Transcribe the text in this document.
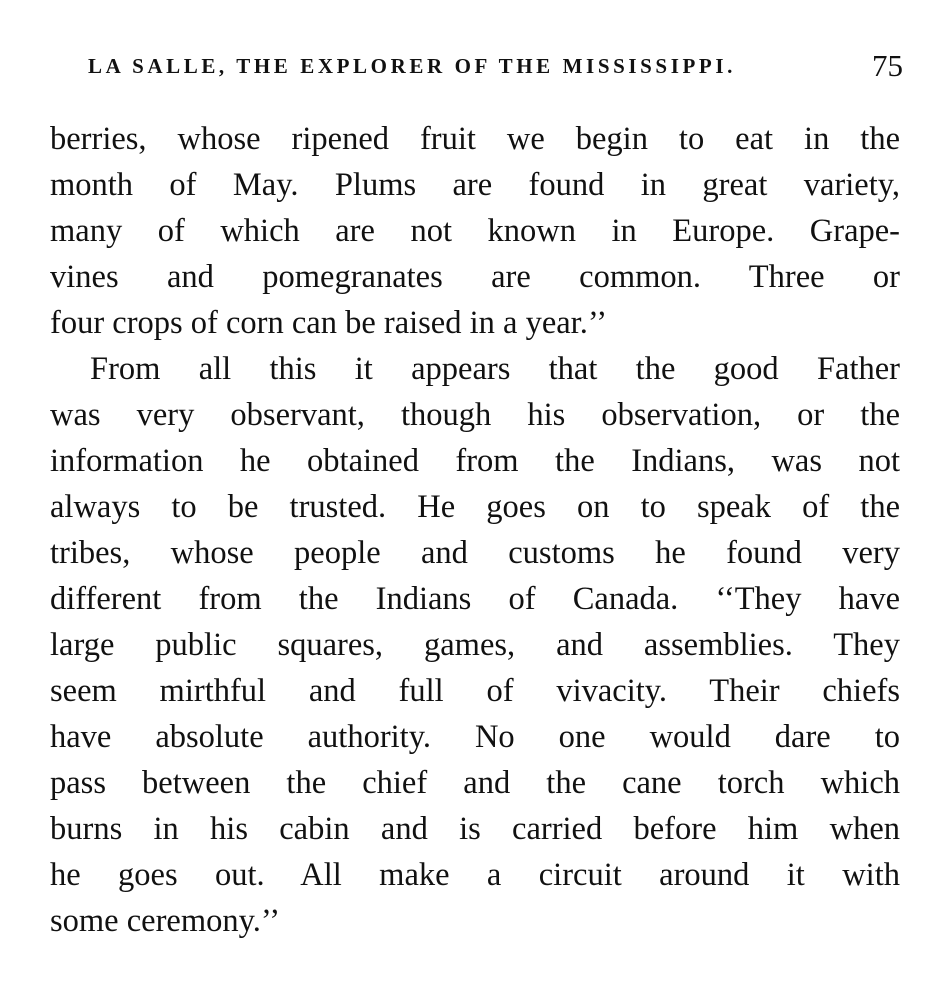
LA SALLE, THE EXPLORER OF THE MISSISSIPPI.	75
berries, whose ripened fruit we begin to eat in the
month of May. Plums are found in great variety,
many of which are not known in Europe. Grape-
vines and pomegranates are common. Three or
four crops of corn can be raised in a year.’’
From all this it appears that the good Father
was very observant, though his observation, or the
information he obtained from the Indians, was not
always to be trusted. He goes on to speak of the
tribes, whose people and customs he found very
different from the Indians of Canada. ‘‘They have
large public squares, games, and assemblies. They
seem mirthful and full of vivacity. Their chiefs
have absolute authority. No one would dare to
pass between the chief and the cane torch which
burns in his cabin and is carried before him when
he goes out. All make a circuit around it with
some ceremony.’’
